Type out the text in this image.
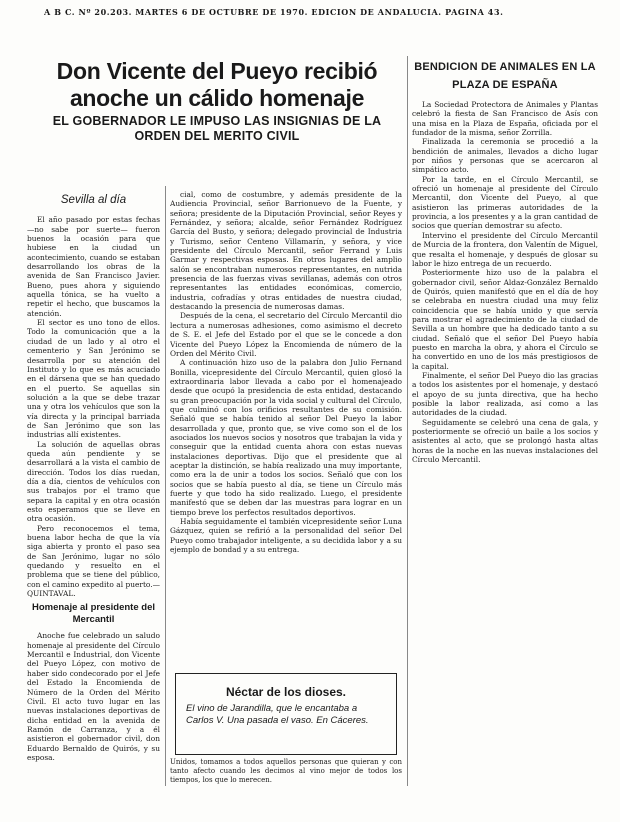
A B C. Nº 20.203. MARTES 6 DE OCTUBRE DE 1970. EDICION DE ANDALUCIA. PAGINA 43.
Don Vicente del Pueyo recibió anoche un cálido homenaje
EL GOBERNADOR LE IMPUSO LAS INSIGNIAS DE LA ORDEN DEL MERITO CIVIL
Sevilla al día

El año pasado por estas fechas —no sabe por suerte— fueron buenos la ocasión para que hubiese en la ciudad un acontecimiento, cuando se estaban desarrollando los obras de la avenida de San Francisco Javier. Bueno, pues ahora y siguiendo aquella tónica, se ha vuelto a repetir el hecho, que buscamos la atención.

El sector es uno tono de ellos. Todo la comunicación que a la ciudad de un lado y al otro el cementerio y San Jerónimo se desarrolla por su atención del Instituto y lo que es más acuciado en el dársena que se han quedado en el puerto. Se aquellas sin solución a la que se debe trazar una y otra los vehículos que son la vía directa y la principal barriada de San Jerónimo que son las industrias allí existentes.

La solución de aquellas obras queda aún pendiente y se desarrollará a la vista el cambio de dirección. Todos los días ruedan, día a día, cientos de vehículos con sus trabajos por el tramo que separa la capital y en otra ocasión esto esperamos que se lleve en otra ocasión.

Pero reconocemos el tema, buena labor hecha de que la vía siga abierta y pronto el paso sea de San Jerónimo, lugar no sólo quedando y resuelto en el problema que se tiene del público, con el camino expedito al puerto.—QUINTAVAL.

Homenaje al presidente del Mercantil

Anoche fue celebrado un saludo homenaje al presidente del Círculo Mercantil e Industrial, don Vicente del Pueyo López, con motivo de haber sido condecorado por el Jefe del Estado la Encomienda de Número de la Orden del Mérito Civil. El acto tuvo lugar en las nuevas instalaciones deportivas de dicha entidad en la avenida de Ramón de Carranza, y a él asistieron el gobernador civil, don Eduardo Bernaldo de Quirós, y su esposa.

cial, como de costumbre, y además presidente de la Audiencia Provincial, señor Barrionuevo de la Fuente, y señora; presidente de la Diputación Provincial, señor Reyes y Fernández, y señora; alcalde, señor Fernández Rodríguez García del Busto, y señora; delegado provincial de Industria y Turismo, señor Centeno Villamarín, y señora, y vice presidente del Círculo Mercantil, señor Ferrand y Luis Garmar y respectivas esposas. En otros lugares del amplio salón se encontraban numerosos representantes, en nutrida presencia de las fuerzas vivas sevillanas, además con otros representantes las entidades económicas, comercio, industria, cofradías y otras entidades de nuestra ciudad, destacando la presencia de numerosas damas.

Después de la cena, el secretario del Círculo Mercantil dio lectura a numerosas adhesiones, como asimismo el decreto de S. E. el Jefe del Estado por el que se le concede a don Vicente del Pueyo López la Encomienda de número de la Orden del Mérito Civil.

A continuación hizo uso de la palabra don Julio Fernand Bonilla, vicepresidente del Círculo Mercantil, quien glosó la extraordinaria labor llevada a cabo por el homenajeado desde que ocupó la presidencia de esta entidad, destacando su gran preocupación por la vida social y cultural del Círculo, que culminó con los orificios resultantes de su comisión. Señaló que se había tenido al señor Del Pueyo la labor desarrollada y que, pronto que, se vive como son el de los asociados los nuevos socios y nosotros que trabajan la vida y conseguir que la entidad cuenta ahora con estas nuevas instalaciones deportivas. Dijo que el presidente que al aceptar la distinción, se había realizado una muy importante, como era la de unir a todos los socios. Señaló que con los socios que se había puesto al día, se tiene un Círculo más fuerte y que todo ha sido realizado. Luego, el presidente manifestó que se deben dar las muestras para lograr en un tiempo breve los perfectos resultados deportivos.

Había seguidamente el también vicepresidente señor Luna Gázquez, quien se refirió a la personalidad del señor Del Pueyo como trabajador inteligente, a su decidida labor y a su ejemplo de bondad y a su entrega.

Néctar de los dioses.
El vino de Jarandilla, que le encantaba a Carlos V. Una pasada el vaso. En Cáceres.
Unidos, tomamos a todos aquellos personas que quieran y con tanto afecto cuando les decimos al vino mejor de todos los tiempos, los que lo merecen.
BENDICION DE ANIMALES EN LA PLAZA DE ESPAÑA

La Sociedad Protectora de Animales y Plantas celebró la fiesta de San Francisco de Asís con una misa en la Plaza de España, oficiada por el fundador de la misma, señor Zorrilla.

Finalizada la ceremonia se procedió a la bendición de animales, llevados a dicho lugar por niños y personas que se acercaron al simpático acto.

Por la tarde, en el Círculo Mercantil, se ofreció un homenaje al presidente del Círculo Mercantil, don Vicente del Pueyo, al que asistieron las primeras autoridades de la provincia, a los presentes y a la gran cantidad de socios que querían demostrar su afecto.

Intervino el presidente del Círculo Mercantil de Murcia de la frontera, don Valentín de Miguel, que resalta el homenaje, y después de glosar su labor le hizo entrega de un recuerdo.

Posteriormente hizo uso de la palabra el gobernador civil, señor Aldaz-González Bernaldo de Quirós, quien manifestó que en el día de hoy se celebraba en nuestra ciudad una muy feliz coincidencia que se había unido y que servía para mostrar el agradecimiento de la ciudad de Sevilla a un hombre que ha dedicado tanto a su ciudad. Señaló que el señor Del Pueyo había puesto en marcha la obra, y ahora el Círculo se ha convertido en uno de los más prestigiosos de la capital.

Finalmente, el señor Del Pueyo dio las gracias a todos los asistentes por el homenaje, y destacó el apoyo de su junta directiva, que ha hecho posible la labor realizada, así como a las autoridades de la ciudad.

Seguidamente se celebró una cena de gala, y posteriormente se ofreció un baile a los socios y asistentes al acto, que se prolongó hasta altas horas de la noche en las nuevas instalaciones del Círculo Mercantil.
